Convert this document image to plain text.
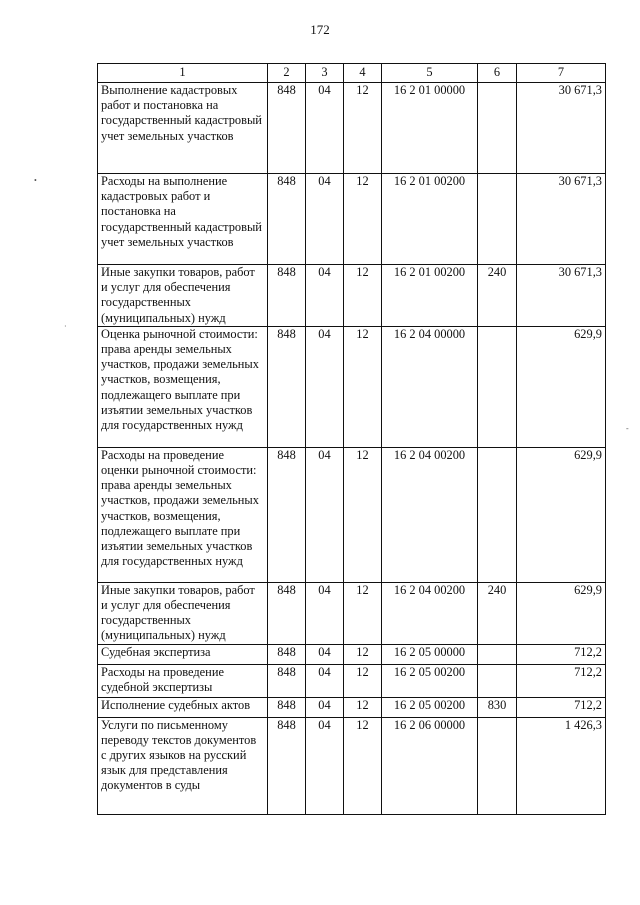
172
1	2	3	4	5	6	7
Выполнение кадастровых работ и постановка на государственный кадастровый учет земельных участков	848	04	12	16 2 01 00000		30 671,3
Расходы на выполнение кадастровых работ и постановка на государственный кадастровый учет земельных участков	848	04	12	16 2 01 00200		30 671,3
Иные закупки товаров, работ и услуг для обеспечения государственных (муниципальных) нужд	848	04	12	16 2 01 00200	240	30 671,3
Оценка рыночной стоимости: права аренды земельных участков, продажи земельных участков, возмещения, подлежащего выплате при изъятии земельных участков для государственных нужд	848	04	12	16 2 04 00000		629,9
Расходы на проведение оценки рыночной стоимости: права аренды земельных участков, продажи земельных участков, возмещения, подлежащего выплате при изъятии земельных участков для государственных нужд	848	04	12	16 2 04 00200		629,9
Иные закупки товаров, работ и услуг для обеспечения государственных (муниципальных) нужд	848	04	12	16 2 04 00200	240	629,9
Судебная экспертиза	848	04	12	16 2 05 00000		712,2
Расходы на проведение судебной экспертизы	848	04	12	16 2 05 00200		712,2
Исполнение судебных актов	848	04	12	16 2 05 00200	830	712,2
Услуги по письменному переводу текстов документов с других языков на русский язык для представления документов в суды	848	04	12	16 2 06 00000		1 426,3
•
·
-
